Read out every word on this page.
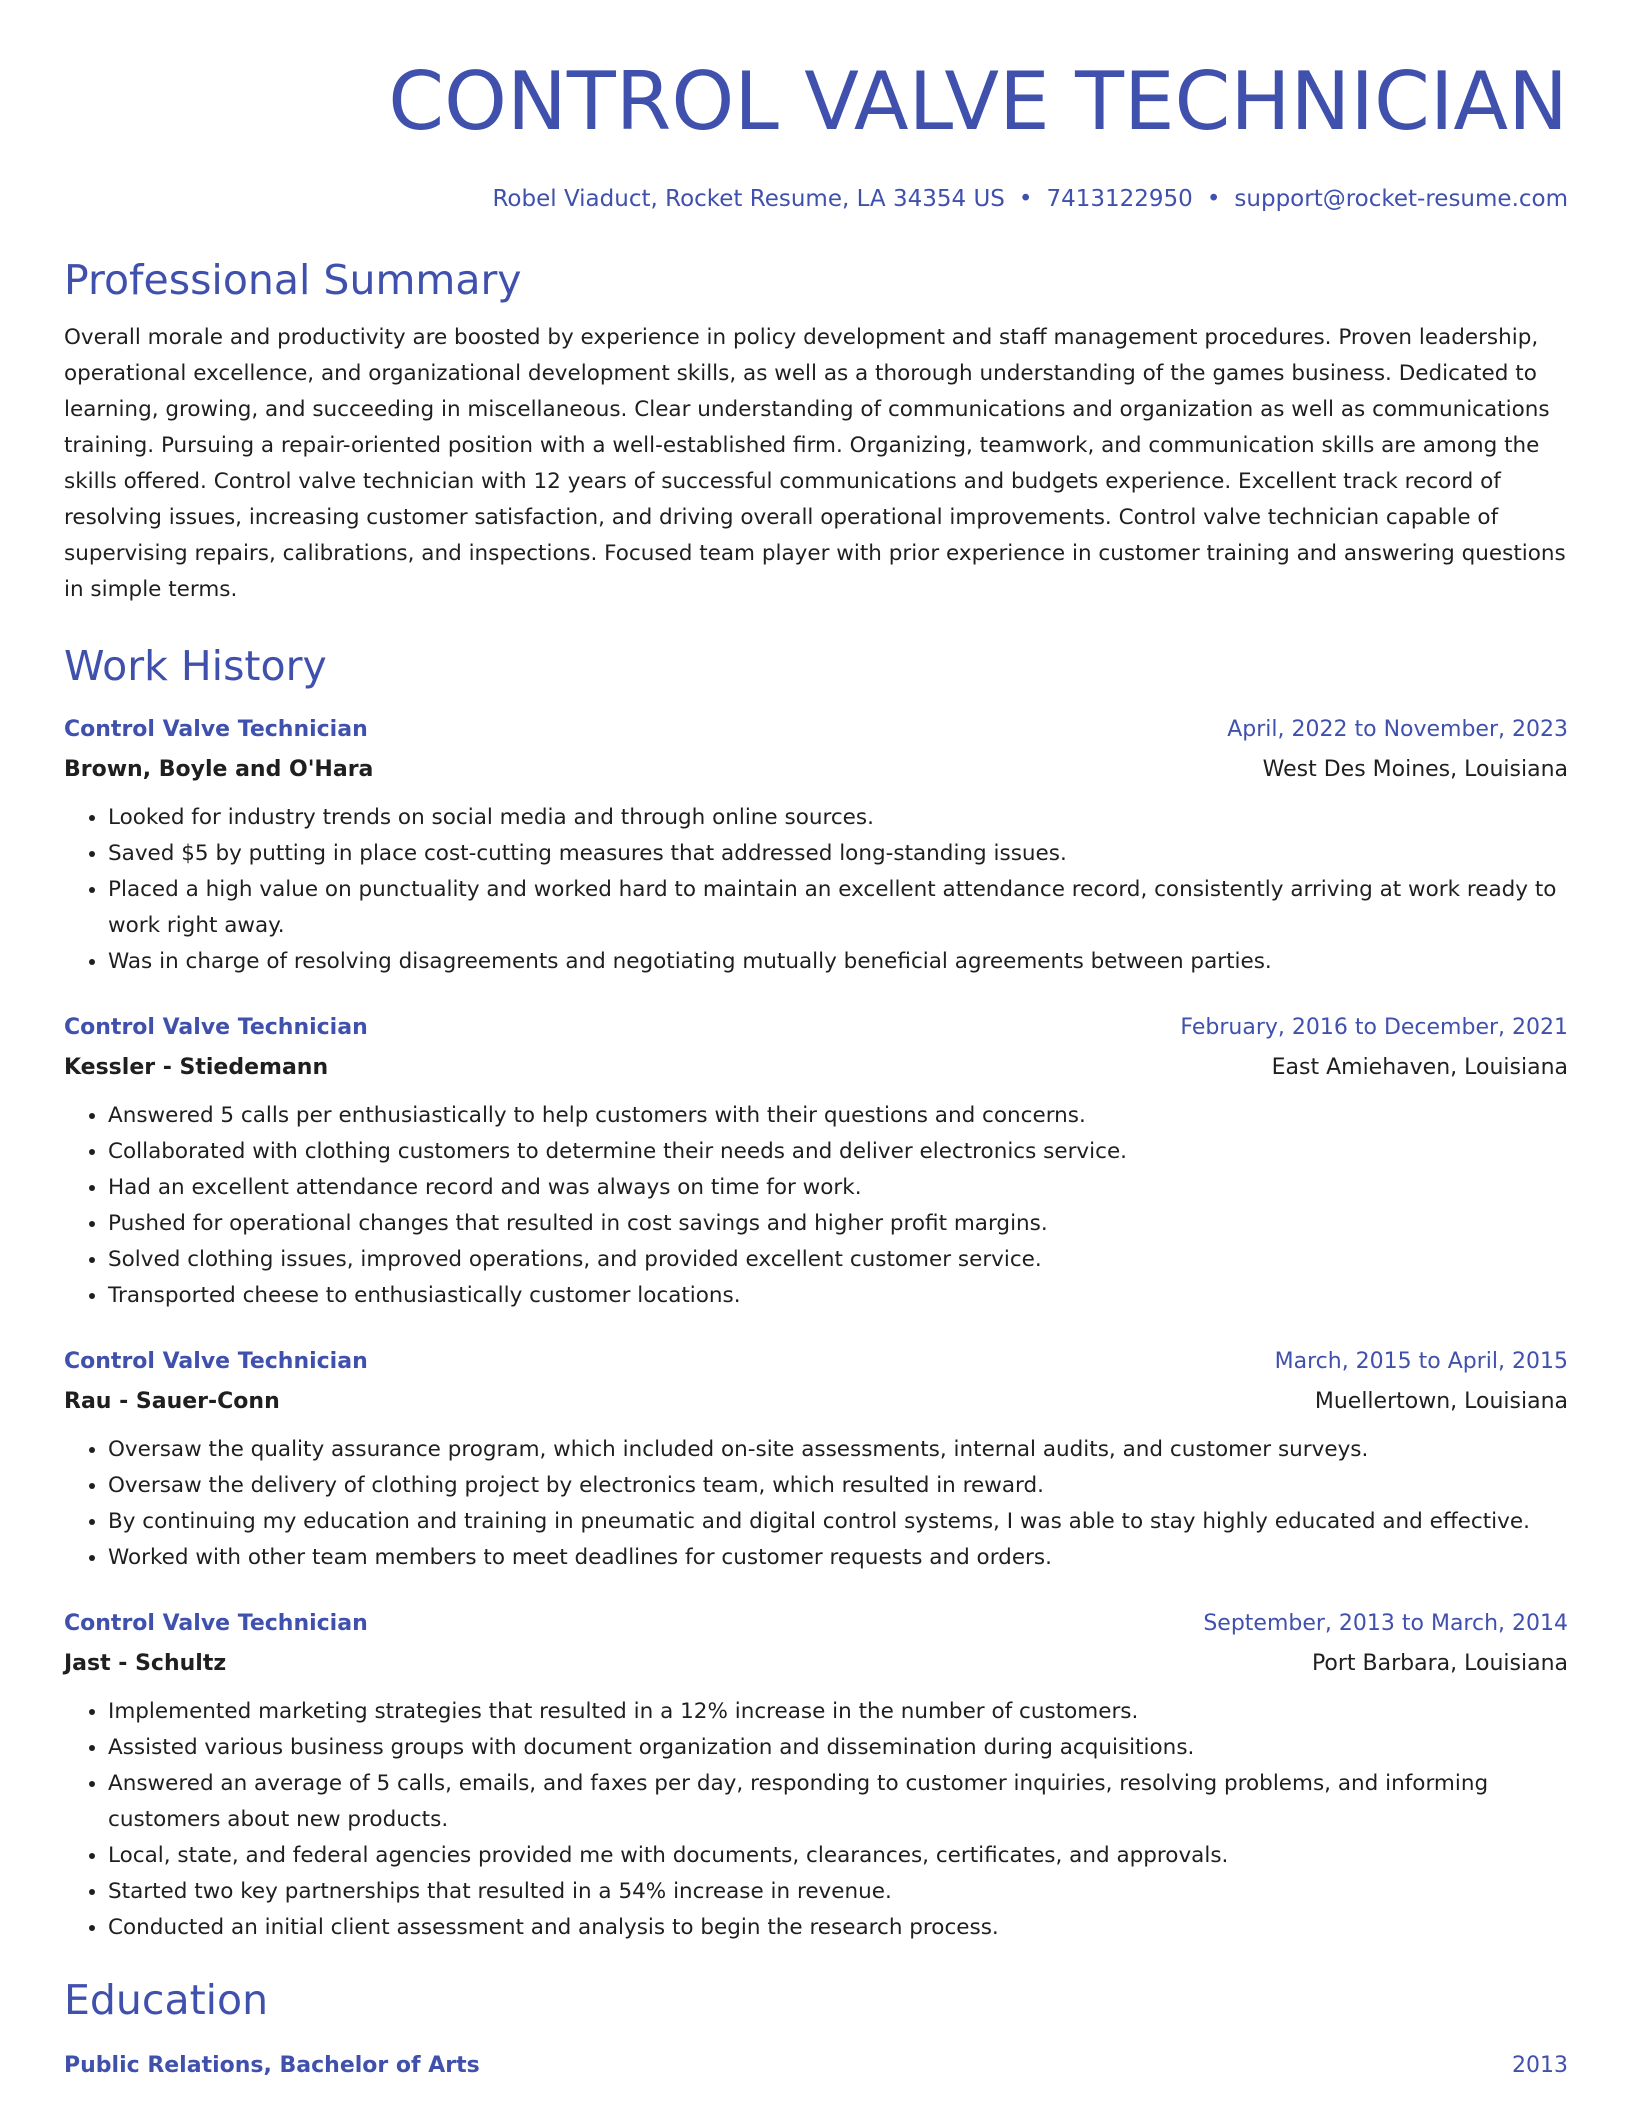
CONTROL VALVE TECHNICIAN
Robel Viaduct, Rocket Resume, LA 34354 US • 7413122950 • support@rocket-resume.com
Professional Summary
Overall morale and productivity are boosted by experience in policy development and staff management procedures. Proven leadership, operational excellence, and organizational development skills, as well as a thorough understanding of the games business. Dedicated to learning, growing, and succeeding in miscellaneous. Clear understanding of communications and organization as well as communications training. Pursuing a repair-oriented position with a well-established firm. Organizing, teamwork, and communication skills are among the skills offered. Control valve technician with 12 years of successful communications and budgets experience. Excellent track record of resolving issues, increasing customer satisfaction, and driving overall operational improvements. Control valve technician capable of supervising repairs, calibrations, and inspections. Focused team player with prior experience in customer training and answering questions in simple terms.
Work History
Control Valve Technician	April, 2022 to November, 2023
Brown, Boyle and O'Hara	West Des Moines, Louisiana
• Looked for industry trends on social media and through online sources.
• Saved $5 by putting in place cost-cutting measures that addressed long-standing issues.
• Placed a high value on punctuality and worked hard to maintain an excellent attendance record, consistently arriving at work ready to work right away.
• Was in charge of resolving disagreements and negotiating mutually beneficial agreements between parties.
Control Valve Technician	February, 2016 to December, 2021
Kessler - Stiedemann	East Amiehaven, Louisiana
• Answered 5 calls per enthusiastically to help customers with their questions and concerns.
• Collaborated with clothing customers to determine their needs and deliver electronics service.
• Had an excellent attendance record and was always on time for work.
• Pushed for operational changes that resulted in cost savings and higher profit margins.
• Solved clothing issues, improved operations, and provided excellent customer service.
• Transported cheese to enthusiastically customer locations.
Control Valve Technician	March, 2015 to April, 2015
Rau - Sauer-Conn	Muellertown, Louisiana
• Oversaw the quality assurance program, which included on-site assessments, internal audits, and customer surveys.
• Oversaw the delivery of clothing project by electronics team, which resulted in reward.
• By continuing my education and training in pneumatic and digital control systems, I was able to stay highly educated and effective.
• Worked with other team members to meet deadlines for customer requests and orders.
Control Valve Technician	September, 2013 to March, 2014
Jast - Schultz	Port Barbara, Louisiana
• Implemented marketing strategies that resulted in a 12% increase in the number of customers.
• Assisted various business groups with document organization and dissemination during acquisitions.
• Answered an average of 5 calls, emails, and faxes per day, responding to customer inquiries, resolving problems, and informing customers about new products.
• Local, state, and federal agencies provided me with documents, clearances, certificates, and approvals.
• Started two key partnerships that resulted in a 54% increase in revenue.
• Conducted an initial client assessment and analysis to begin the research process.
Education
Public Relations, Bachelor of Arts	2013
